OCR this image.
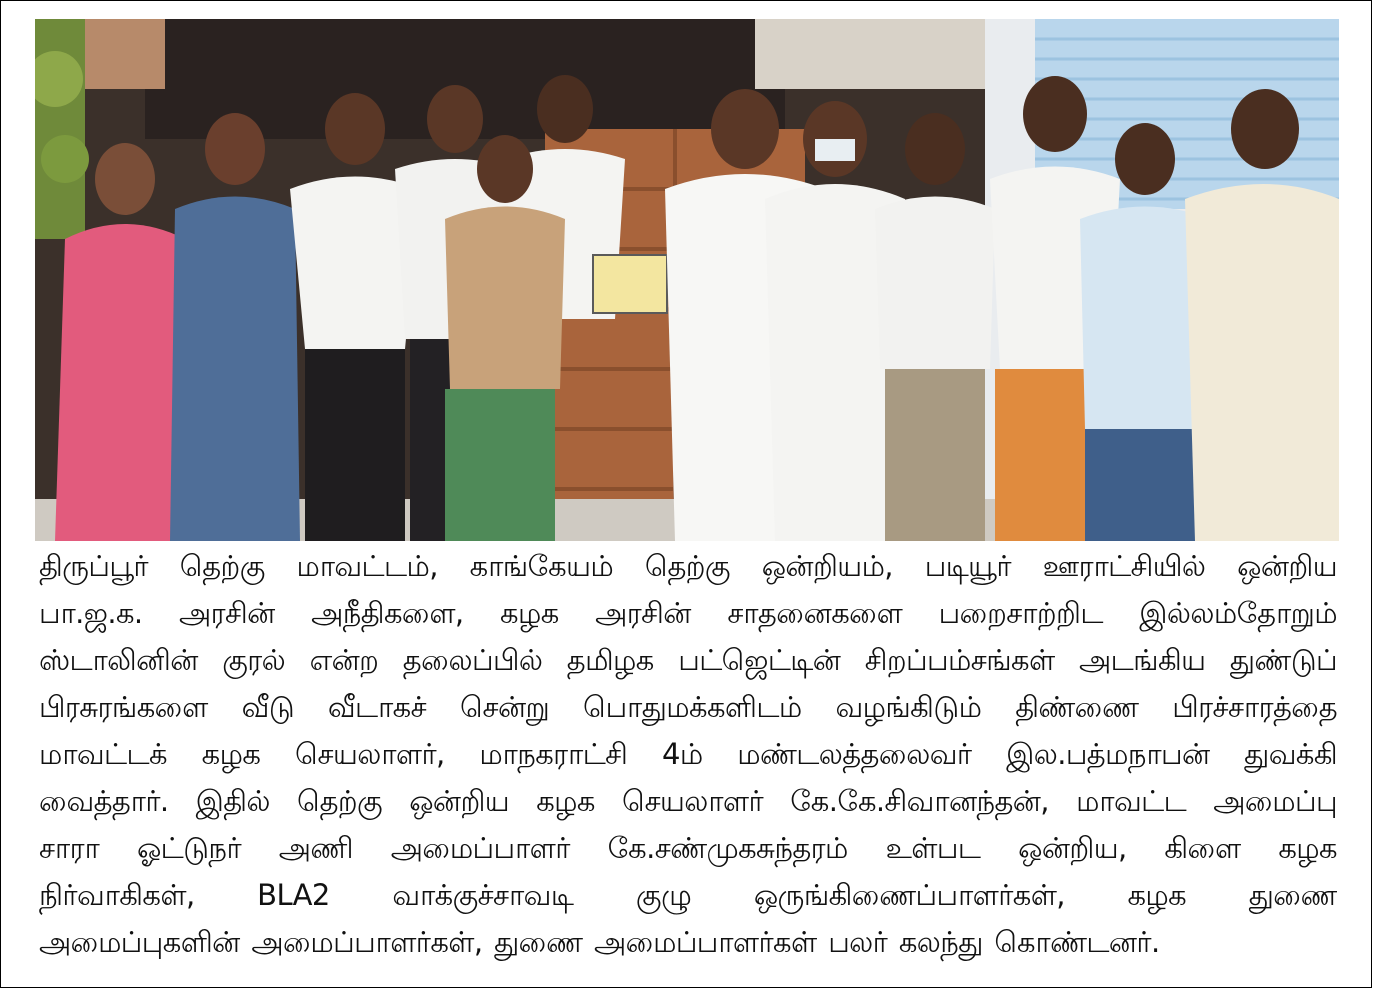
திருப்பூர் தெற்கு மாவட்டம், காங்கேயம் தெற்கு ஒன்றியம், படியூர் ஊராட்சியில் ஒன்றிய
பா.ஜ.க. அரசின் அநீதிகளை, கழக அரசின் சாதனைகளை பறைசாற்றிட இல்லம்தோறும்
ஸ்டாலினின் குரல் என்ற தலைப்பில் தமிழக பட்ஜெட்டின் சிறப்பம்சங்கள் அடங்கிய துண்டுப்
பிரசுரங்களை வீடு வீடாகச் சென்று பொதுமக்களிடம் வழங்கிடும் திண்ணை பிரச்சாரத்தை
மாவட்டக் கழக செயலாளர், மாநகராட்சி 4ம் மண்டலத்தலைவர் இல.பத்மநாபன் துவக்கி
வைத்தார். இதில் தெற்கு ஒன்றிய கழக செயலாளர் கே.கே.சிவானந்தன், மாவட்ட அமைப்பு
சாரா ஓட்டுநர் அணி அமைப்பாளர் கே.சண்முகசுந்தரம் உள்பட ஒன்றிய, கிளை கழக
நிர்வாகிகள், BLA2 வாக்குச்சாவடி குழு ஒருங்கிணைப்பாளர்கள், கழக துணை
அமைப்புகளின் அமைப்பாளர்கள், துணை அமைப்பாளர்கள் பலர் கலந்து கொண்டனர்.
